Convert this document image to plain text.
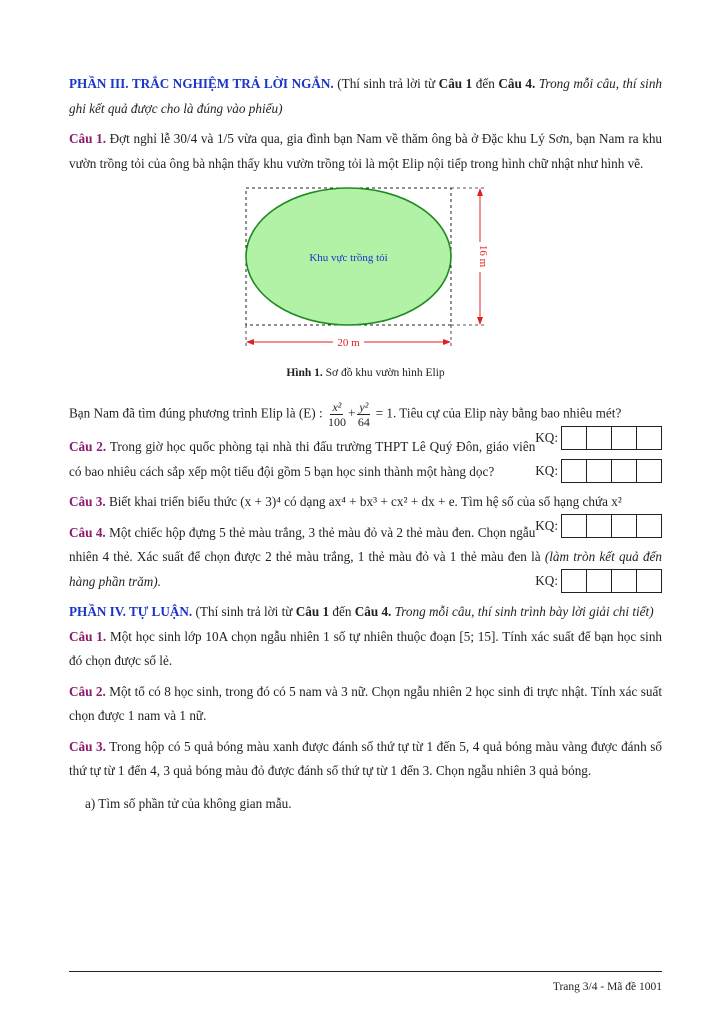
PHẦN III. TRẮC NGHIỆM TRẢ LỜI NGẮN. (Thí sinh trả lời từ Câu 1 đến Câu 4. Trong mỗi câu, thí sinh ghi kết quả được cho là đúng vào phiếu)

Câu 1. Đợt nghỉ lễ 30/4 và 1/5 vừa qua, gia đình bạn Nam về thăm ông bà ở Đặc khu Lý Sơn, bạn Nam ra khu vườn trồng tỏi của ông bà nhận thấy khu vườn trồng tỏi là một Elip nội tiếp trong hình chữ nhật như hình vẽ.

Khu vực trồng tỏi	16 m
20 m
Hình 1. Sơ đồ khu vườn hình Elip
Bạn Nam đã tìm đúng phương trình Elip là (E) : $\frac{\text{x²}}{100} + \frac{\text{y²}}{64} = 1$. Tiêu cự của Elip này bằng bao nhiêu mét?
KQ:
Câu 2. Trong giờ học quốc phòng tại nhà thi đấu trường THPT Lê Quý Đôn, giáo viên có bao nhiêu cách sắp xếp một tiểu đội gồm 5 bạn học sinh thành một hàng dọc?	KQ:
Câu 3. Biết khai triển biểu thức (x + 3)⁴ có dạng ax⁴ + bx³ + cx² + dx + e. Tìm hệ số của số hạng chứa x²
KQ:
Câu 4. Một chiếc hộp đựng 5 thẻ màu trắng, 3 thẻ màu đỏ và 2 thẻ màu đen. Chọn ngẫu nhiên 4 thẻ. Xác suất để chọn được 2 thẻ màu trắng, 1 thẻ màu đỏ và 1 thẻ màu đen là (làm tròn kết quả đến hàng phần trăm).	KQ:

PHẦN IV. TỰ LUẬN. (Thí sinh trả lời từ Câu 1 đến Câu 4. Trong mỗi câu, thí sinh trình bày lời giải chi tiết)

Câu 1. Một học sinh lớp 10A chọn ngẫu nhiên 1 số tự nhiên thuộc đoạn [5; 15]. Tính xác suất để bạn học sinh đó chọn được số lẻ.

Câu 2. Một tổ có 8 học sinh, trong đó có 5 nam và 3 nữ. Chọn ngẫu nhiên 2 học sinh đi trực nhật. Tính xác suất chọn được 1 nam và 1 nữ.

Câu 3. Trong hộp có 5 quả bóng màu xanh được đánh số thứ tự từ 1 đến 5, 4 quả bóng màu vàng được đánh số thứ tự từ 1 đến 4, 3 quả bóng màu đỏ được đánh số thứ tự từ 1 đến 3. Chọn ngẫu nhiên 3 quả bóng.

a) Tìm số phần tử của không gian mẫu.

Trang 3/4 - Mã đề 1001
